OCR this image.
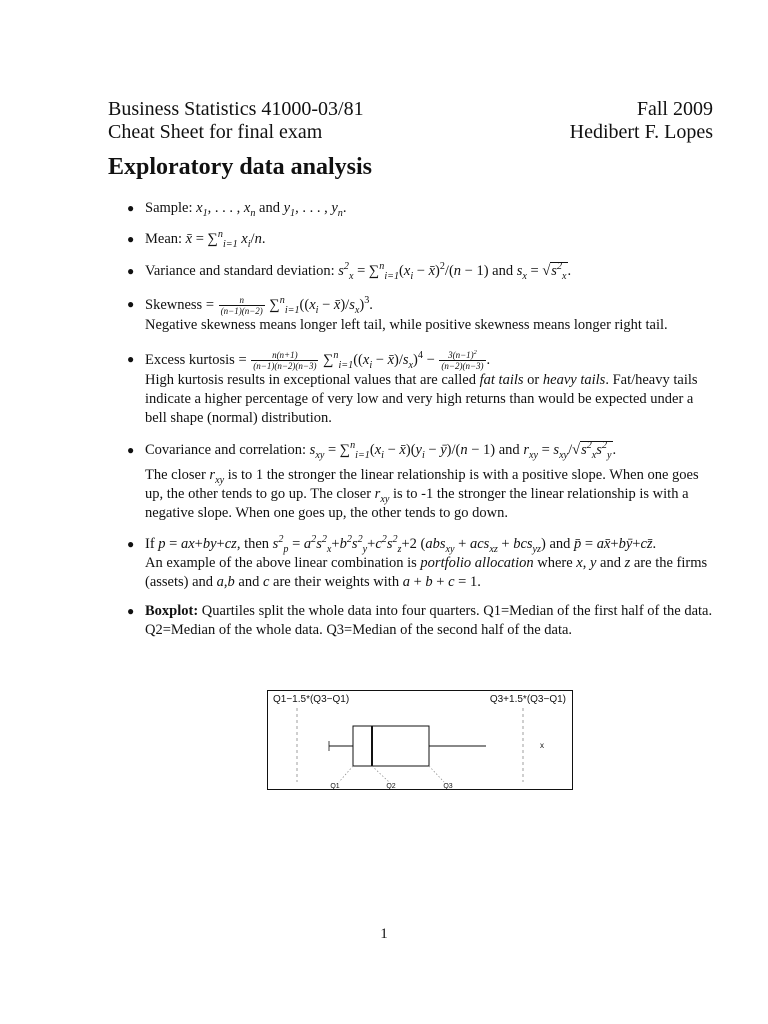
Business Statistics 41000-03/81	Fall 2009
Cheat Sheet for final exam	Hedibert F. Lopes
Exploratory data analysis
● Sample: $x_1$, . . . , $x_n$ and $y_1$, . . . , $y_n$.
● Mean: x̄ = ∑$^n_{i=1}$ $x_i/n$.
● Variance and standard deviation: $s^2_x = \sum^n_{i=1}(x_i$ − x̄)$^2$/(n − 1) and $s_x = √s^2_x$.
● Skewness = $\frac{n}{(n-1)(n-2)} \sum^n_{i=1}((x_i$ − $x̄)/s_x)^3$.
Negative skewness means longer left tail, while positive skewness means longer right tail.
● Excess kurtosis = $\frac{n(n+1)}{(n-1)(n-2)(n-3)} \sum^n_{i=1}((x_i$ − $x̄)/s_x)^4 - \frac{3(n-1)^2}{(n-2)(n-3)}$ .
High kurtosis results in exceptional values that are called fat tails or heavy tails. Fat/heavy tails indicate a higher percentage of very low and very high returns than would be expected under a bell shape (normal) distribution.
● Covariance and correlation: $s_{xy} = \sum^n_{i=1}(x_i$ − $x̄)(y_i$ − ȳ)/(n − 1) and $r_{xy} = s_{xy}/√s^2_xs^2_y$.
The closer $r_{xy}$ is to 1 the stronger the linear relationship is with a positive slope. When one goes up, the other tends to go up. The closer $r_{xy}$ is to -1 the stronger the linear relationship is with a negative slope. When one goes up, the other tends to go down.
● If p = ax+by+cz, then $s^2_p = a^2s^2_x+b^2s^2_y+c^2s^2_z+2$ (abs$_{xy}$ + acs$_{xz}$ + bcs$_{yz}$) and p̄ = ax̄+bȳ+cz̄.
An example of the above linear combination is portfolio allocation where x, y and z are the firms (assets) and a,b and c are their weights with a + b + c = 1.
● Boxplot: Quartiles split the whole data into four quarters. Q1=Median of the first half of the data. Q2=Median of the whole data. Q3=Median of the second half of the data.
Q1−1.5*(Q3−Q1)	Q3+1.5*(Q3−Q1)
x
Q1	Q2	Q3
1
